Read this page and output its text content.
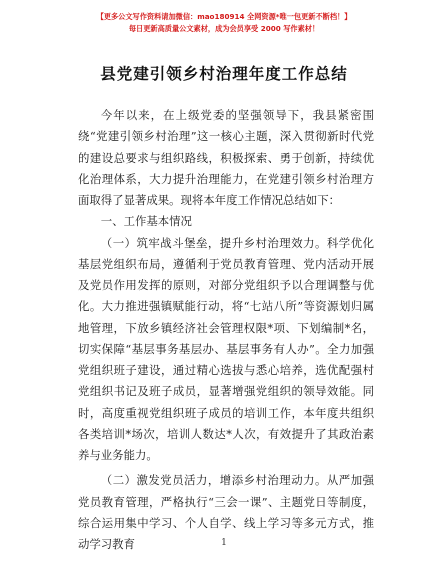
【更多公文写作资料请加微信：mao180914 全网资源*唯一包更新不断档！】
每日更新高质量公文素材，成为会员享受 2000 写作素材！
县党建引领乡村治理年度工作总结

今年以来，在上级党委的坚强领导下，我县紧密围绕“党建引领乡村治理”这一核心主题，深入贯彻新时代党的建设总要求与组织路线，积极探索、勇于创新，持续优化治理体系，大力提升治理能力，在党建引领乡村治理方面取得了显著成果。现将本年度工作情况总结如下：

一、工作基本情况

（一）筑牢战斗堡垒，提升乡村治理效力。科学优化基层党组织布局，遵循利于党员教育管理、党内活动开展及党员作用发挥的原则，对部分党组织予以合理调整与优化。大力推进强镇赋能行动，将“七站八所”等资源划归属地管理，下放乡镇经济社会管理权限*项、下划编制*名，切实保障“基层事务基层办、基层事务有人办”。全力加强党组织班子建设，通过精心选拔与悉心培养，选优配强村党组织书记及班子成员，显著增强党组织的领导效能。同时，高度重视党组织班子成员的培训工作，本年度共组织各类培训*场次，培训人数达*人次，有效提升了其政治素养与业务能力。

（二）激发党员活力，增添乡村治理动力。从严加强党员教育管理，严格执行“三会一课”、主题党日等制度，综合运用集中学习、个人自学、线上学习等多元方式，推动学习教育	1
